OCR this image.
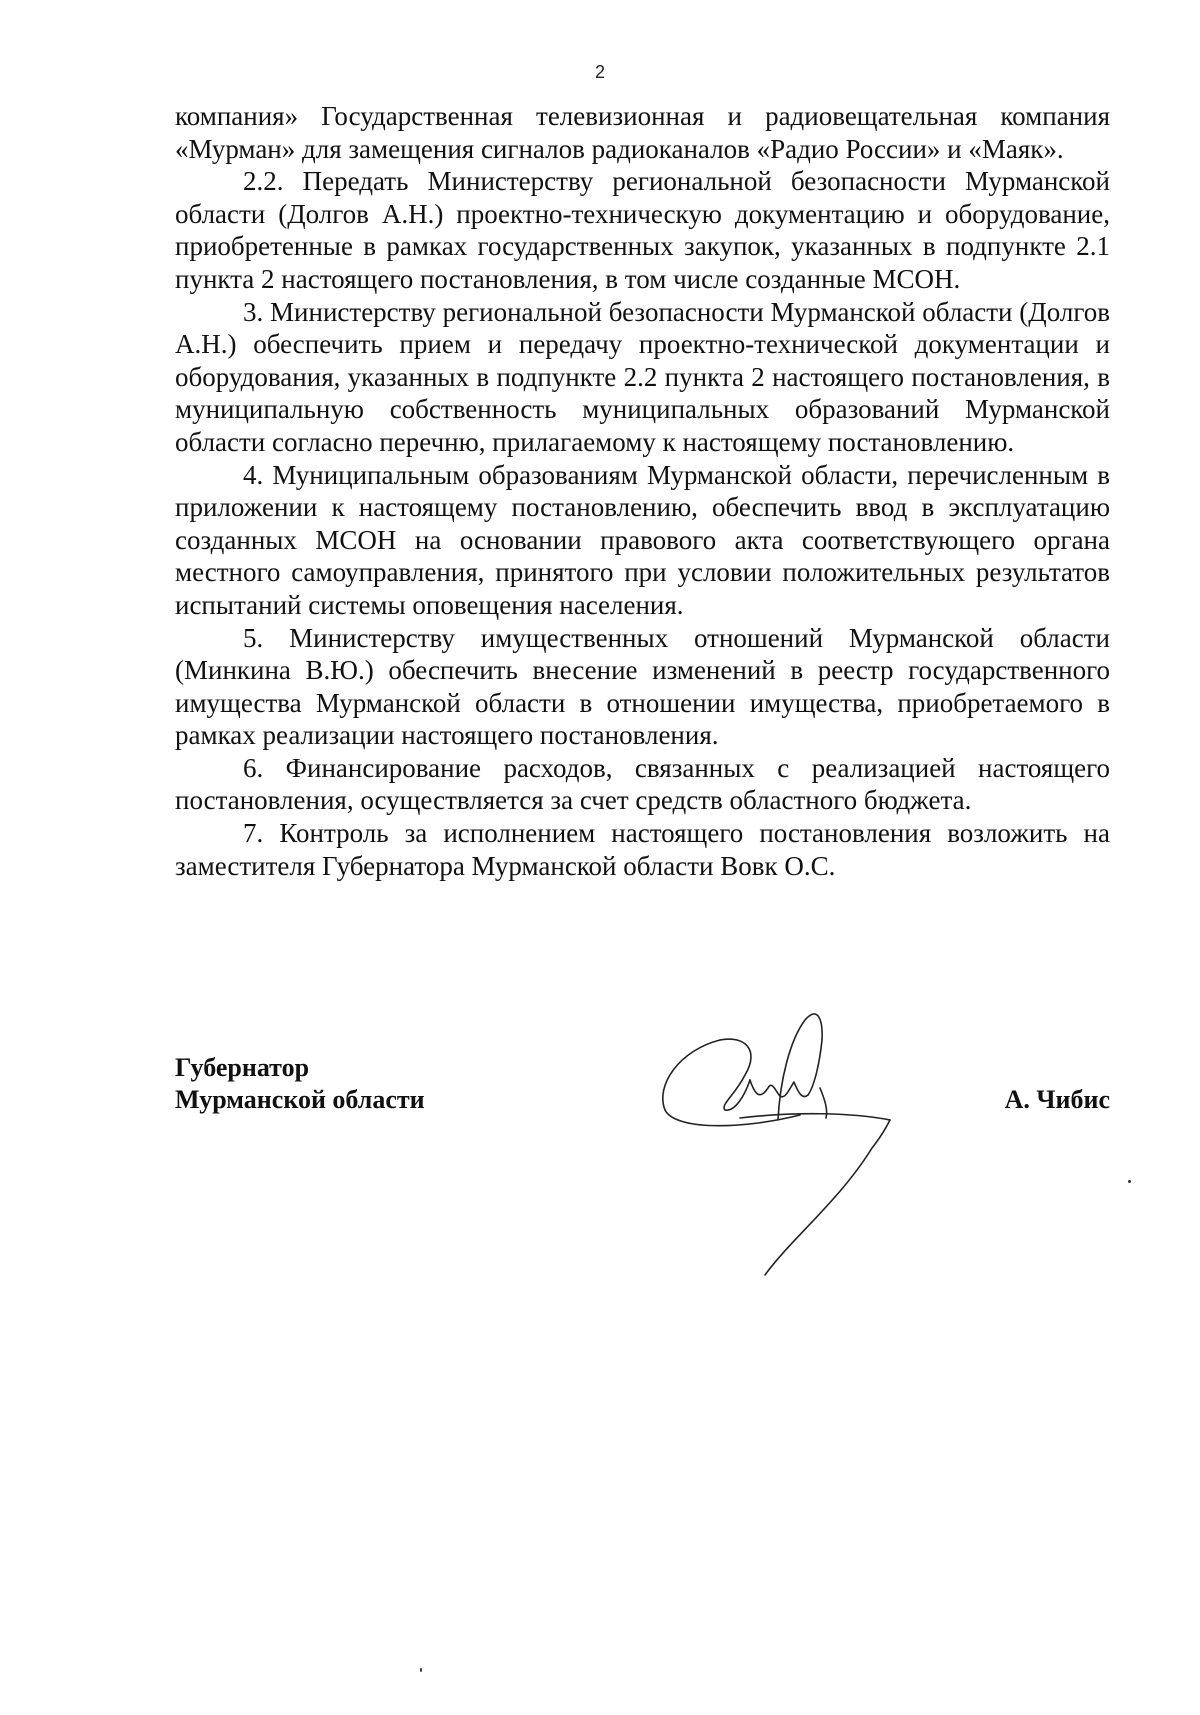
2

компания» Государственная телевизионная и радиовещательная компания «Мурман» для замещения сигналов радиоканалов «Радио России» и «Маяк».

2.2. Передать Министерству региональной безопасности Мурманской области (Долгов А.Н.) проектно-техническую документацию и оборудование, приобретенные в рамках государственных закупок, указанных в подпункте 2.1 пункта 2 настоящего постановления, в том числе созданные МСОН.

3. Министерству региональной безопасности Мурманской области (Долгов А.Н.) обеспечить прием и передачу проектно-технической документации и оборудования, указанных в подпункте 2.2 пункта 2 настоящего постановления, в муниципальную собственность муниципальных образований Мурманской области согласно перечню, прилагаемому к настоящему постановлению.

4. Муниципальным образованиям Мурманской области, перечисленным в приложении к настоящему постановлению, обеспечить ввод в эксплуатацию созданных МСОН на основании правового акта соответствующего органа местного самоуправления, принятого при условии положительных результатов испытаний системы оповещения населения.

5. Министерству имущественных отношений Мурманской области (Минкина В.Ю.) обеспечить внесение изменений в реестр государственного имущества Мурманской области в отношении имущества, приобретаемого в рамках реализации настоящего постановления.

6. Финансирование расходов, связанных с реализацией настоящего постановления, осуществляется за счет средств областного бюджета.

7. Контроль за исполнением настоящего постановления возложить на заместителя Губернатора Мурманской области Вовк О.С.

Губернатор
Мурманской области	А. Чибис
